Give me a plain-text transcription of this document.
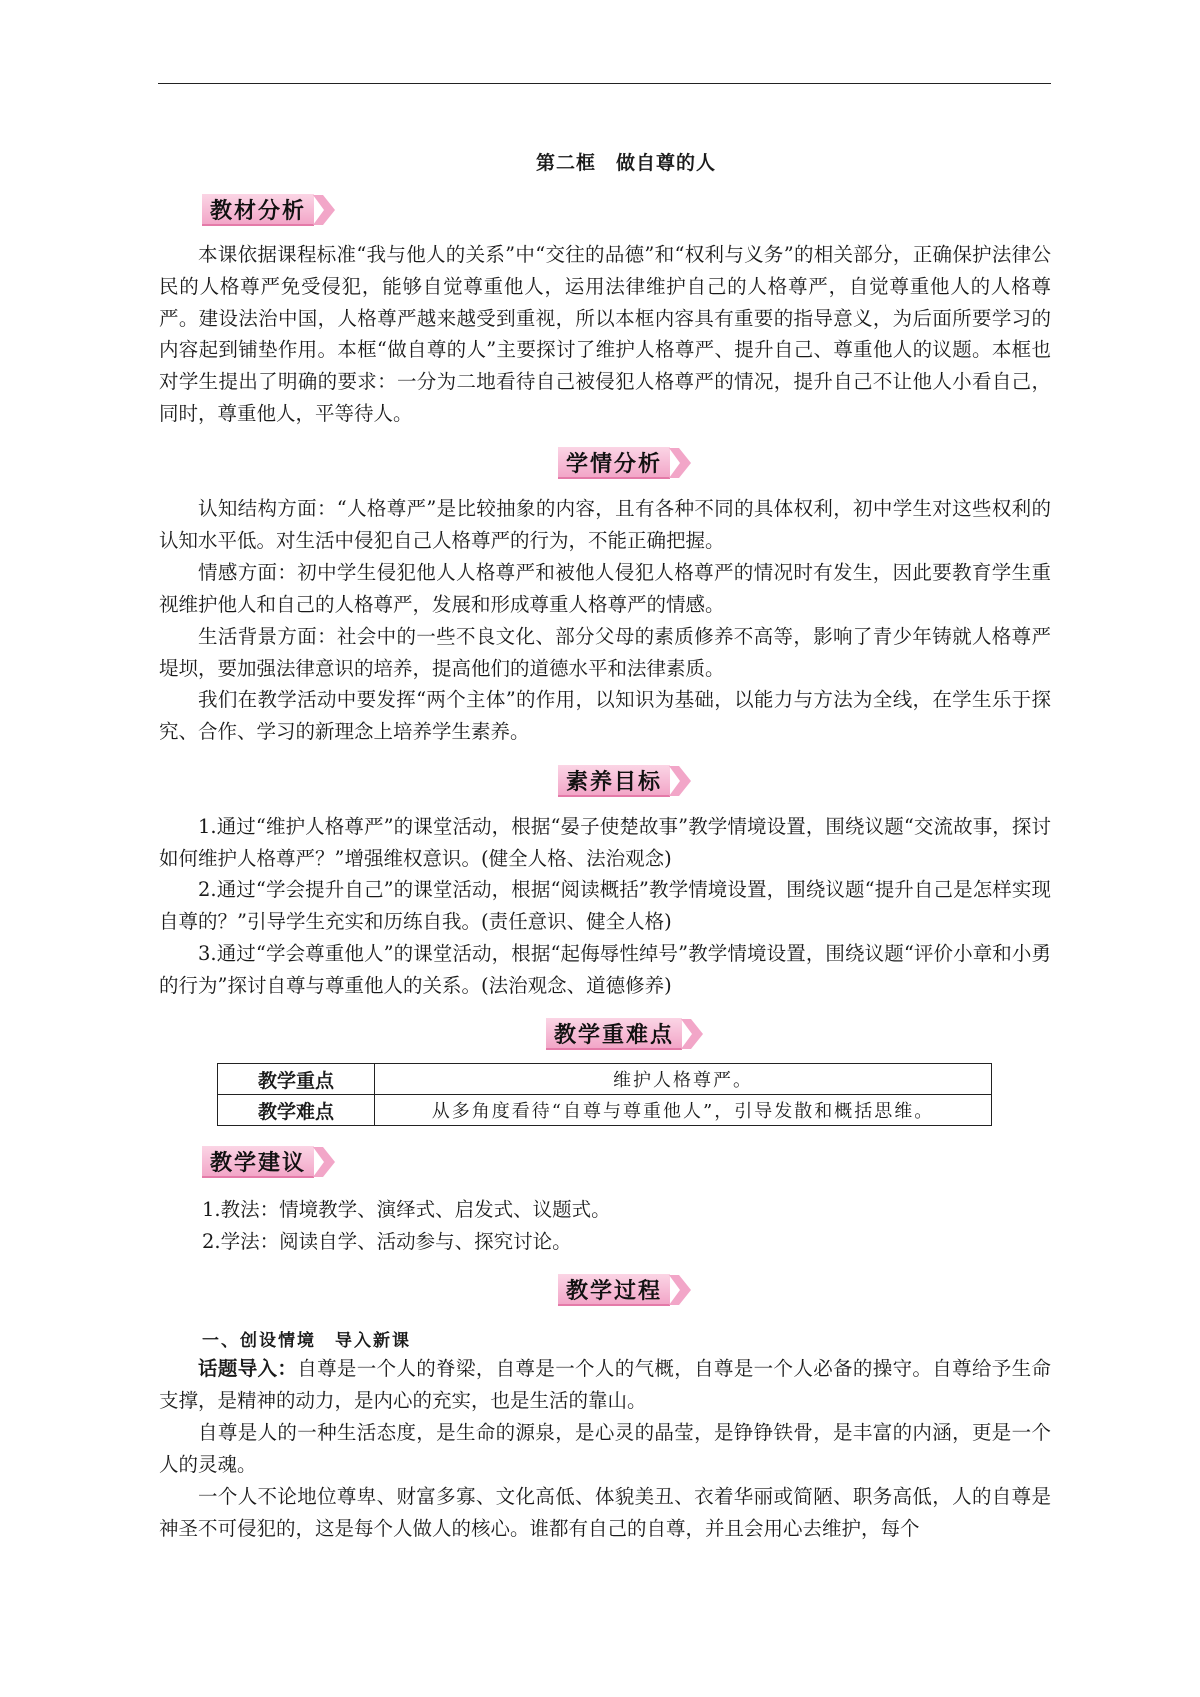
第二框　做自尊的人
教材分析

本课依据课程标准“我与他人的关系”中“交往的品德”和“权利与义务”的相关部分，正确保护法律公民的人格尊严免受侵犯，能够自觉尊重他人，运用法律维护自己的人格尊严，自觉尊重他人的人格尊严。建设法治中国，人格尊严越来越受到重视，所以本框内容具有重要的指导意义，为后面所要学习的内容起到铺垫作用。本框“做自尊的人”主要探讨了维护人格尊严、提升自己、尊重他人的议题。本框也对学生提出了明确的要求：一分为二地看待自己被侵犯人格尊严的情况，提升自己不让他人小看自己，同时，尊重他人，平等待人。

学情分析

认知结构方面：“人格尊严”是比较抽象的内容，且有各种不同的具体权利，初中学生对这些权利的认知水平低。对生活中侵犯自己人格尊严的行为，不能正确把握。

情感方面：初中学生侵犯他人人格尊严和被他人侵犯人格尊严的情况时有发生，因此要教育学生重视维护他人和自己的人格尊严，发展和形成尊重人格尊严的情感。

生活背景方面：社会中的一些不良文化、部分父母的素质修养不高等，影响了青少年铸就人格尊严堤坝，要加强法律意识的培养，提高他们的道德水平和法律素质。

我们在教学活动中要发挥“两个主体”的作用，以知识为基础，以能力与方法为全线，在学生乐于探究、合作、学习的新理念上培养学生素养。

素养目标

1.通过“维护人格尊严”的课堂活动，根据“晏子使楚故事”教学情境设置，围绕议题“交流故事，探讨如何维护人格尊严？”增强维权意识。(健全人格、法治观念)

2.通过“学会提升自己”的课堂活动，根据“阅读概括”教学情境设置，围绕议题“提升自己是怎样实现自尊的？”引导学生充实和历练自我。(责任意识、健全人格)

3.通过“学会尊重他人”的课堂活动，根据“起侮辱性绰号”教学情境设置，围绕议题“评价小章和小勇的行为”探讨自尊与尊重他人的关系。(法治观念、道德修养)

教学重难点
教学重点	维护人格尊严。
教学难点	从多角度看待“自尊与尊重他人”，引导发散和概括思维。
教学建议
1.教法：情境教学、演绎式、启发式、议题式。
2.学法：阅读自学、活动参与、探究讨论。
教学过程
一、创设情境　导入新课

话题导入：自尊是一个人的脊梁，自尊是一个人的气概，自尊是一个人必备的操守。自尊给予生命支撑，是精神的动力，是内心的充实，也是生活的靠山。

自尊是人的一种生活态度，是生命的源泉，是心灵的晶莹，是铮铮铁骨，是丰富的内涵，更是一个人的灵魂。

一个人不论地位尊卑、财富多寡、文化高低、体貌美丑、衣着华丽或简陋、职务高低，人的自尊是神圣不可侵犯的，这是每个人做人的核心。谁都有自己的自尊，并且会用心去维护，每个
